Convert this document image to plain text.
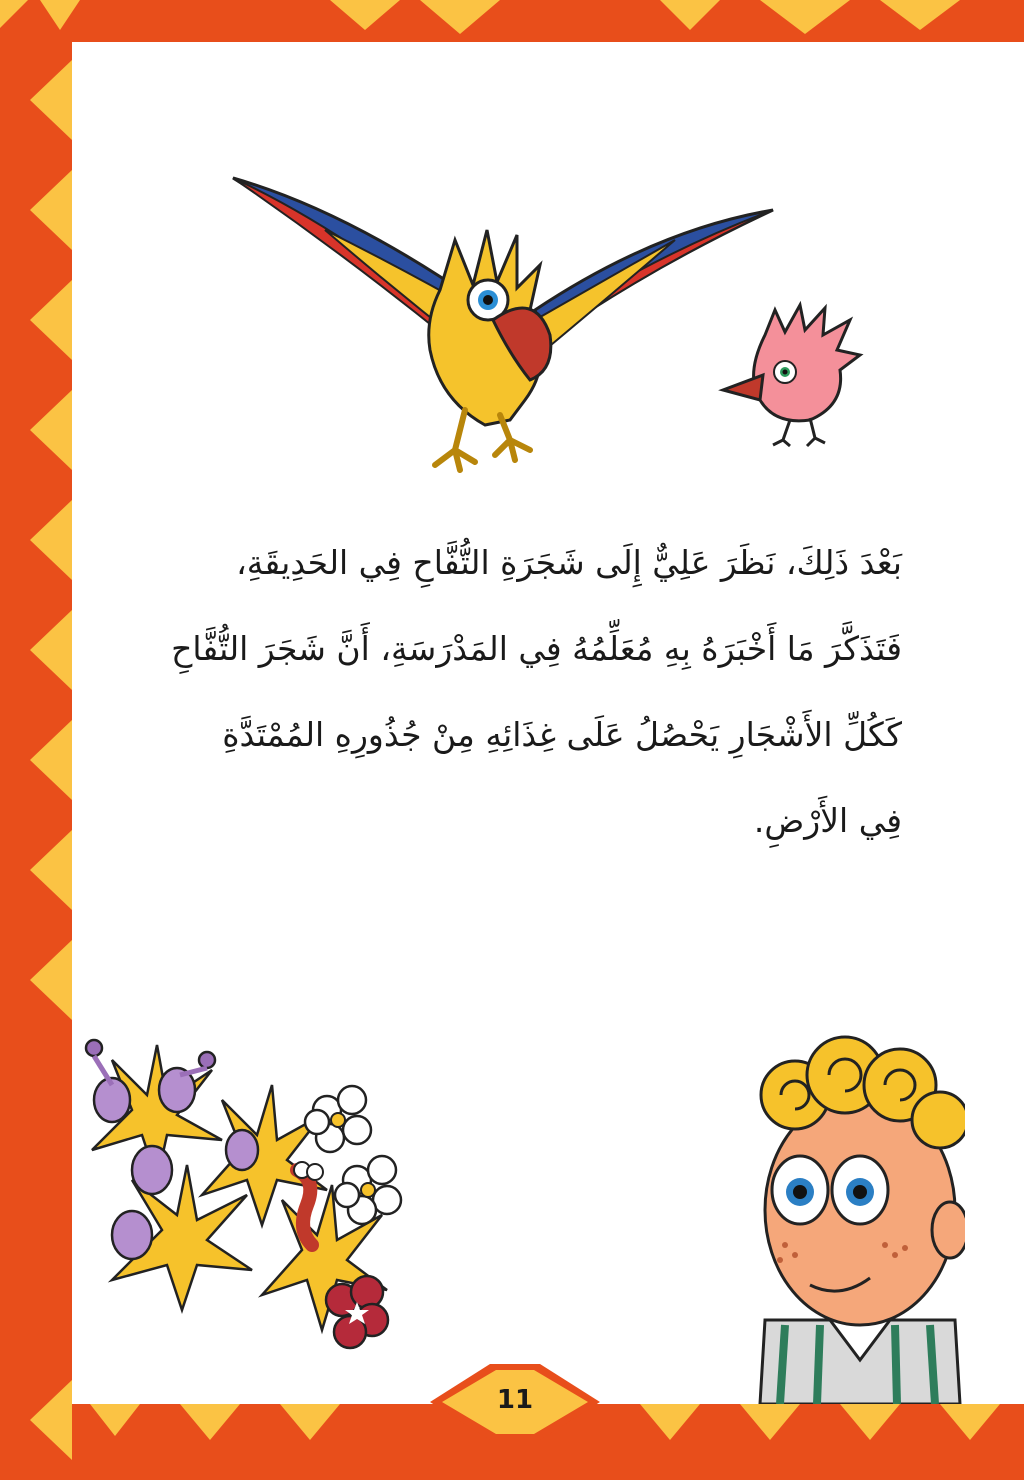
بَعْدَ ذَلِكَ، نَظَرَ عَلِيٌّ إِلَى شَجَرَةِ التُّفَّاحِ فِي الحَدِيقَةِ،
فَتَذَكَّرَ مَا أَخْبَرَهُ بِهِ مُعَلِّمُهُ فِي المَدْرَسَةِ، أَنَّ شَجَرَ التُّفَّاحِ
كَكُلِّ الأَشْجَارِ يَحْصُلُ عَلَى غِذَائِهِ مِنْ جُذُورِهِ المُمْتَدَّةِ
فِي الأَرْضِ.
11
